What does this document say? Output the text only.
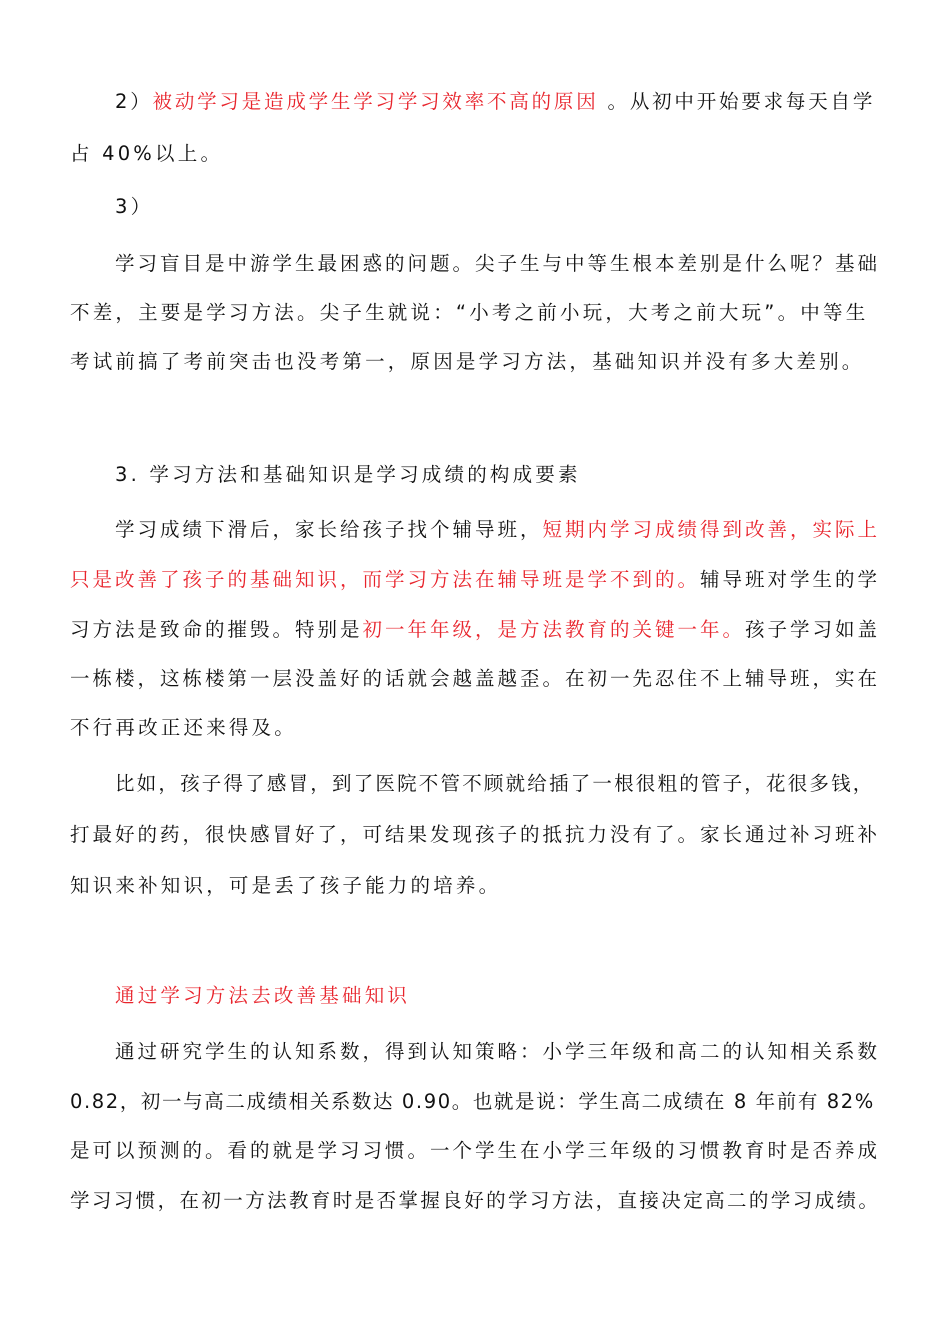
2）被动学习是造成学生学习学习效率不高的原因 。从初中开始要求每天自学
占 40%以上。
3）
学习盲目是中游学生最困惑的问题。尖子生与中等生根本差别是什么呢？基础
不差，主要是学习方法。尖子生就说：“小考之前小玩，大考之前大玩”。中等生
考试前搞了考前突击也没考第一，原因是学习方法，基础知识并没有多大差别。
3. 学习方法和基础知识是学习成绩的构成要素
学习成绩下滑后，家长给孩子找个辅导班，短期内学习成绩得到改善，实际上
只是改善了孩子的基础知识，而学习方法在辅导班是学不到的。辅导班对学生的学
习方法是致命的摧毁。特别是初一年年级，是方法教育的关键一年。孩子学习如盖
一栋楼，这栋楼第一层没盖好的话就会越盖越歪。在初一先忍住不上辅导班，实在
不行再改正还来得及。
比如，孩子得了感冒，到了医院不管不顾就给插了一根很粗的管子，花很多钱，
打最好的药，很快感冒好了，可结果发现孩子的抵抗力没有了。家长通过补习班补
知识来补知识，可是丢了孩子能力的培养。
通过学习方法去改善基础知识
通过研究学生的认知系数，得到认知策略：小学三年级和高二的认知相关系数
0.82，初一与高二成绩相关系数达 0.90。也就是说：学生高二成绩在 8 年前有 82%
是可以预测的。看的就是学习习惯。一个学生在小学三年级的习惯教育时是否养成
学习习惯，在初一方法教育时是否掌握良好的学习方法，直接决定高二的学习成绩。
